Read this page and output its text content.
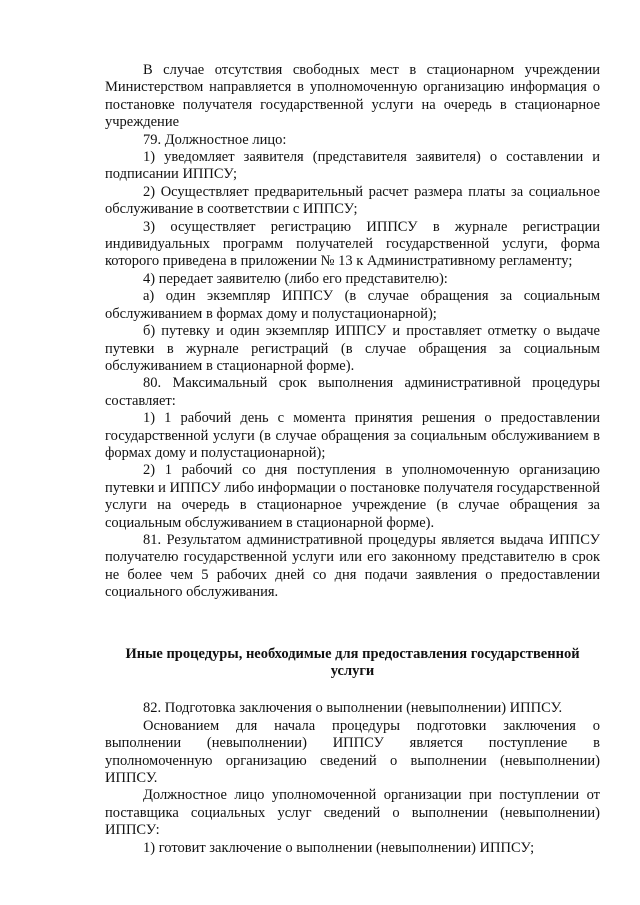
В случае отсутствия свободных мест в стационарном учреждении Министерством направляется в уполномоченную организацию информация о постановке получателя государственной услуги на очередь в стационарное учреждение

79. Должностное лицо:

1) уведомляет заявителя (представителя заявителя) о составлении и подписании ИППСУ;

2) Осуществляет предварительный расчет размера платы за социальное обслуживание в соответствии с ИППСУ;

3) осуществляет регистрацию ИППСУ в журнале регистрации индивидуальных программ получателей государственной услуги, форма которого приведена в приложении № 13 к Административному регламенту;

4) передает заявителю (либо его представителю):

а) один экземпляр ИППСУ (в случае обращения за социальным обслуживанием в формах дому и полустационарной);

б) путевку и один экземпляр ИППСУ и проставляет отметку о выдаче путевки в журнале регистраций (в случае обращения за социальным обслуживанием в стационарной форме).

80. Максимальный срок выполнения административной процедуры составляет:

1) 1 рабочий день с момента принятия решения о предоставлении государственной услуги (в случае обращения за социальным обслуживанием в формах дому и полустационарной);

2) 1 рабочий со дня поступления в уполномоченную организацию путевки и ИППСУ либо информации о постановке получателя государственной услуги на очередь в стационарное учреждение (в случае обращения за социальным обслуживанием в стационарной форме).

81. Результатом административной процедуры является выдача ИППСУ получателю государственной услуги или его законному представителю в срок не более чем 5 рабочих дней со дня подачи заявления о предоставлении социального обслуживания.

Иные процедуры, необходимые для предоставления государственной услуги

82. Подготовка заключения о выполнении (невыполнении) ИППСУ.

Основанием для начала процедуры подготовки заключения о выполнении (невыполнении) ИППСУ является поступление в уполномоченную организацию сведений о выполнении (невыполнении) ИППСУ.

Должностное лицо уполномоченной организации при поступлении от поставщика социальных услуг сведений о выполнении (невыполнении) ИППСУ:

1) готовит заключение о выполнении (невыполнении) ИППСУ;
